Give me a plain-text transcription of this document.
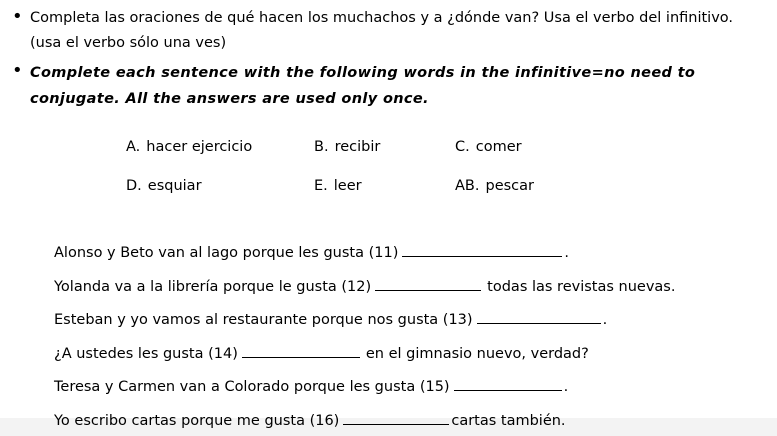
• Completa las oraciones de qué hacen los muchachos y a ¿dónde van? Usa el verbo del infinitivo. (usa el verbo sólo una ves)
• Complete each sentence with the following words in the infinitive=no need to conjugate. All the answers are used only once.
A. hacer ejercicio	B. recibir	C. comer
D. esquiar	E. leer	AB. pescar
Alonso y Beto van al lago porque les gusta (11)	.
Yolanda va a la librería porque le gusta (12)	todas las revistas nuevas.
Esteban y yo vamos al restaurante porque nos gusta (13)	.
¿A ustedes les gusta (14)	en el gimnasio nuevo, verdad?
Teresa y Carmen van a Colorado porque les gusta (15)	.
Yo escribo cartas porque me gusta (16)	cartas también.
